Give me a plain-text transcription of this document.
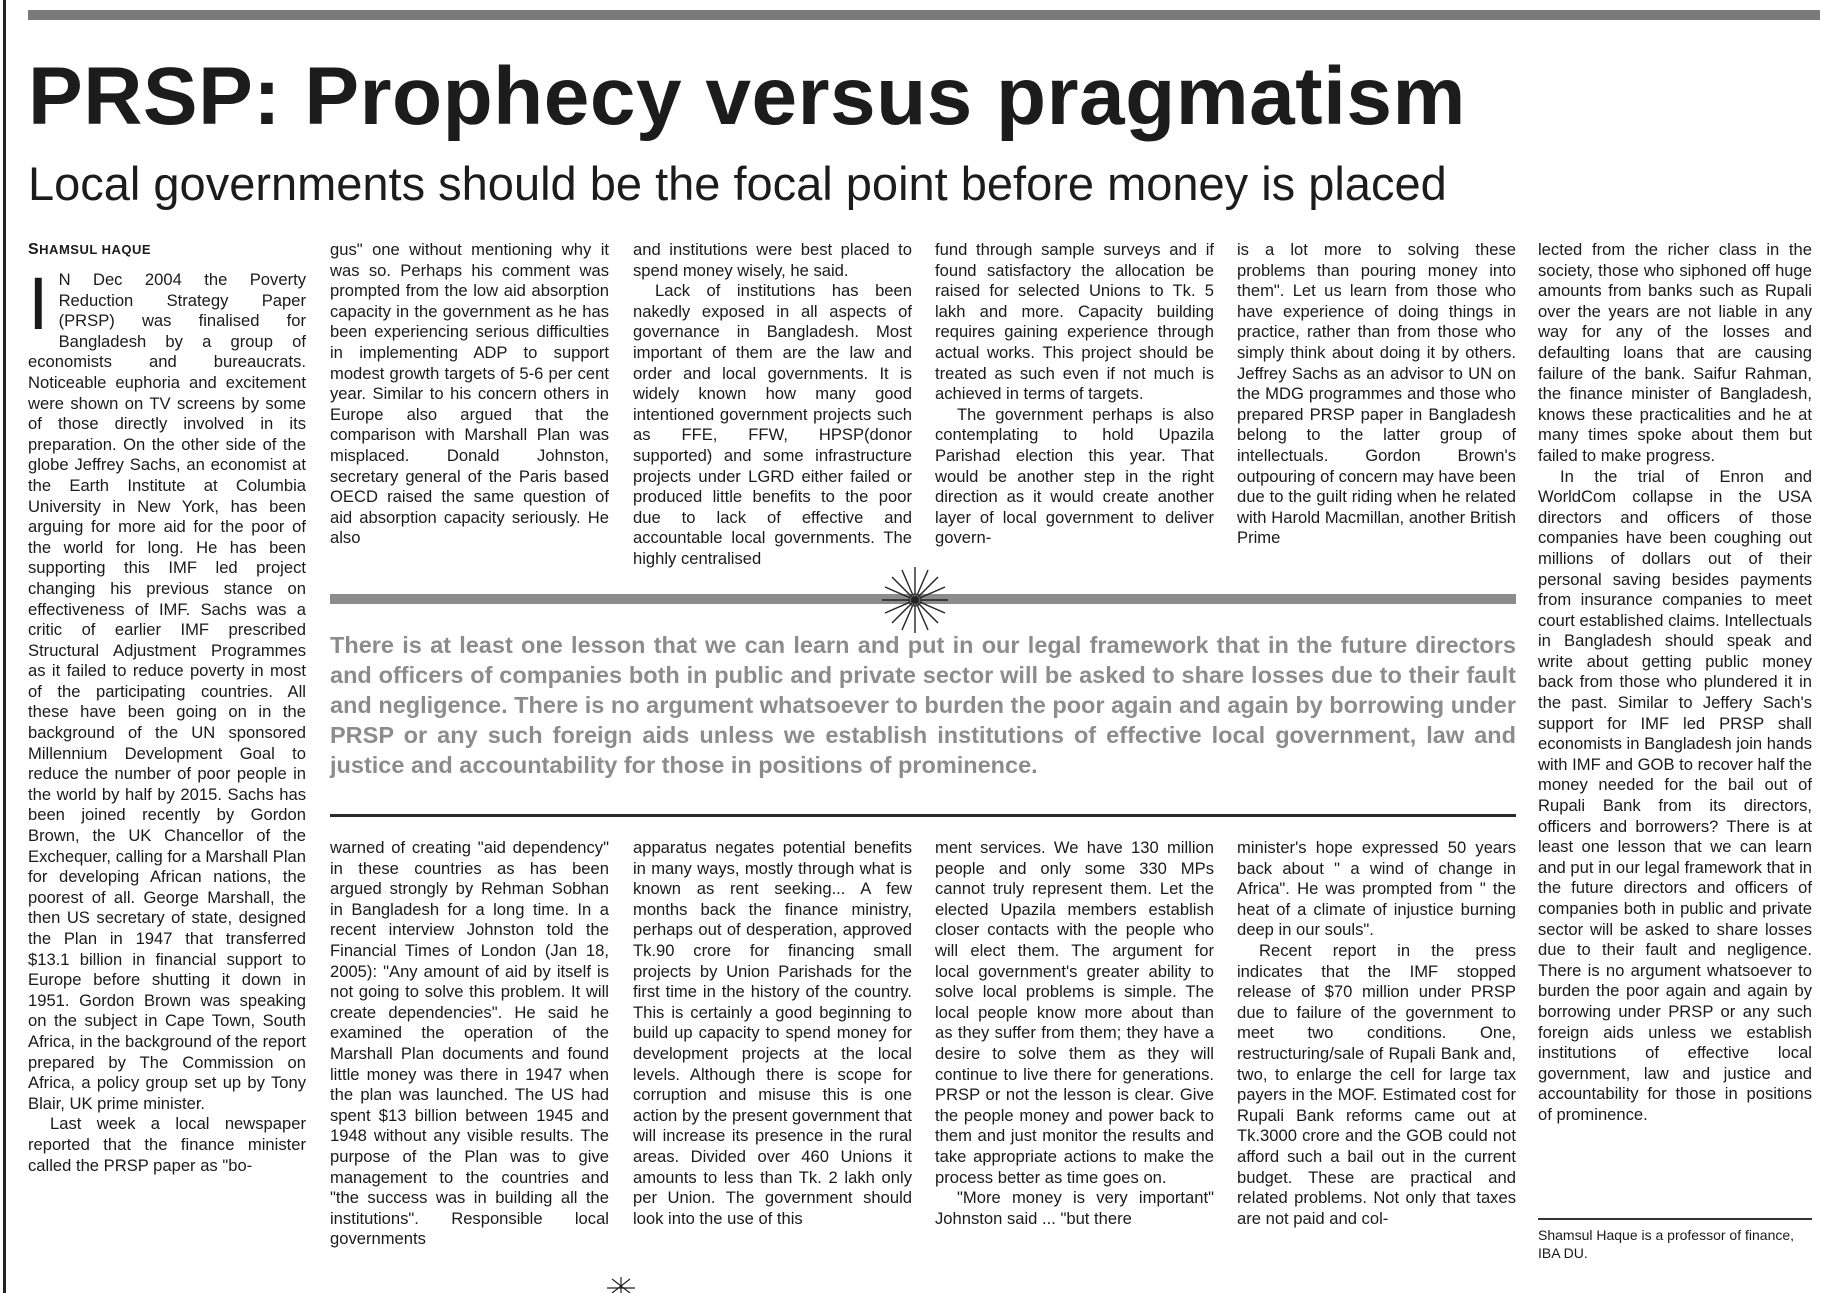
PRSP: Prophecy versus pragmatism
Local governments should be the focal point before money is placed
SHAMSUL HAQUE

I N Dec 2004 the Poverty Reduction Strategy Paper (PRSP) was finalised for Bangladesh by a group of economists and bureaucrats. Noticeable euphoria and excitement were shown on TV screens by some of those directly involved in its preparation. On the other side of the globe Jeffrey Sachs, an economist at the Earth Institute at Columbia University in New York, has been arguing for more aid for the poor of the world for long. He has been supporting this IMF led project changing his previous stance on effectiveness of IMF. Sachs was a critic of earlier IMF prescribed Structural Adjustment Programmes as it failed to reduce poverty in most of the participating countries. All these have been going on in the background of the UN sponsored Millennium Development Goal to reduce the number of poor people in the world by half by 2015. Sachs has been joined recently by Gordon Brown, the UK Chancellor of the Exchequer, calling for a Marshall Plan for developing African nations, the poorest of all. George Marshall, the then US secretary of state, designed the Plan in 1947 that transferred $13.1 billion in financial support to Europe before shutting it down in 1951. Gordon Brown was speaking on the subject in Cape Town, South Africa, in the background of the report prepared by The Commission on Africa, a policy group set up by Tony Blair, UK prime minister.

Last week a local newspaper reported that the finance minister called the PRSP paper as "bo-

gus" one without mentioning why it was so. Perhaps his comment was prompted from the low aid absorption capacity in the government as he has been experiencing serious difficulties in implementing ADP to support modest growth targets of 5-6 per cent year. Similar to his concern others in Europe also argued that the comparison with Marshall Plan was misplaced. Donald Johnston, secretary general of the Paris based OECD raised the same question of aid absorption capacity seriously. He also

and institutions were best placed to spend money wisely, he said.

Lack of institutions has been nakedly exposed in all aspects of governance in Bangladesh. Most important of them are the law and order and local governments. It is widely known how many good intentioned government projects such as FFE, FFW, HPSP(donor supported) and some infrastructure projects under LGRD either failed or produced little benefits to the poor due to lack of effective and accountable local governments. The highly centralised

fund through sample surveys and if found satisfactory the allocation be raised for selected Unions to Tk. 5 lakh and more. Capacity building requires gaining experience through actual works. This project should be treated as such even if not much is achieved in terms of targets.

The government perhaps is also contemplating to hold Upazila Parishad election this year. That would be another step in the right direction as it would create another layer of local government to deliver govern-

is a lot more to solving these problems than pouring money into them". Let us learn from those who have experience of doing things in practice, rather than from those who simply think about doing it by others. Jeffrey Sachs as an advisor to UN on the MDG programmes and those who prepared PRSP paper in Bangladesh belong to the latter group of intellectuals. Gordon Brown's outpouring of concern may have been due to the guilt riding when he related with Harold Macmillan, another British Prime

lected from the richer class in the society, those who siphoned off huge amounts from banks such as Rupali over the years are not liable in any way for any of the losses and defaulting loans that are causing failure of the bank. Saifur Rahman, the finance minister of Bangladesh, knows these practicalities and he at many times spoke about them but failed to make progress.

In the trial of Enron and WorldCom collapse in the USA directors and officers of those companies have been coughing out millions of dollars out of their personal saving besides payments from insurance companies to meet court established claims. Intellectuals in Bangladesh should speak and write about getting public money back from those who plundered it in the past. Similar to Jeffery Sach's support for IMF led PRSP shall economists in Bangladesh join hands with IMF and GOB to recover half the money needed for the bail out of Rupali Bank from its directors, officers and borrowers? There is at least one lesson that we can learn and put in our legal framework that in the future directors and officers of companies both in public and private sector will be asked to share losses due to their fault and negligence. There is no argument whatsoever to burden the poor again and again by borrowing under PRSP or any such foreign aids unless we establish institutions of effective local government, law and justice and accountability for those in positions of prominence.

There is at least one lesson that we can learn and put in our legal framework that in the future directors and officers of companies both in public and private sector will be asked to share losses due to their fault and negligence. There is no argument whatsoever to burden the poor again and again by borrowing under PRSP or any such foreign aids unless we establish institutions of effective local government, law and justice and accountability for those in positions of prominence.

warned of creating "aid dependency" in these countries as has been argued strongly by Rehman Sobhan in Bangladesh for a long time. In a recent interview Johnston told the Financial Times of London (Jan 18, 2005): "Any amount of aid by itself is not going to solve this problem. It will create dependencies". He said he examined the operation of the Marshall Plan documents and found little money was there in 1947 when the plan was launched. The US had spent $13 billion between 1945 and 1948 without any visible results. The purpose of the Plan was to give management to the countries and "the success was in building all the institutions". Responsible local governments

apparatus negates potential benefits in many ways, mostly through what is known as rent seeking... A few months back the finance ministry, perhaps out of desperation, approved Tk.90 crore for financing small projects by Union Parishads for the first time in the history of the country. This is certainly a good beginning to build up capacity to spend money for development projects at the local levels. Although there is scope for corruption and misuse this is one action by the present government that will increase its presence in the rural areas. Divided over 460 Unions it amounts to less than Tk. 2 lakh only per Union. The government should look into the use of this

ment services. We have 130 million people and only some 330 MPs cannot truly represent them. Let the elected Upazila members establish closer contacts with the people who will elect them. The argument for local government's greater ability to solve local problems is simple. The local people know more about than as they suffer from them; they have a desire to solve them as they will continue to live there for generations. PRSP or not the lesson is clear. Give the people money and power back to them and just monitor the results and take appropriate actions to make the process better as time goes on.

"More money is very important" Johnston said ... "but there

minister's hope expressed 50 years back about " a wind of change in Africa". He was prompted from " the heat of a climate of injustice burning deep in our souls".

Recent report in the press indicates that the IMF stopped release of $70 million under PRSP due to failure of the government to meet two conditions. One, restructuring/sale of Rupali Bank and, two, to enlarge the cell for large tax payers in the MOF. Estimated cost for Rupali Bank reforms came out at Tk.3000 crore and the GOB could not afford such a bail out in the current budget. These are practical and related problems. Not only that taxes are not paid and col-

Shamsul Haque is a professor of finance, IBA DU.
